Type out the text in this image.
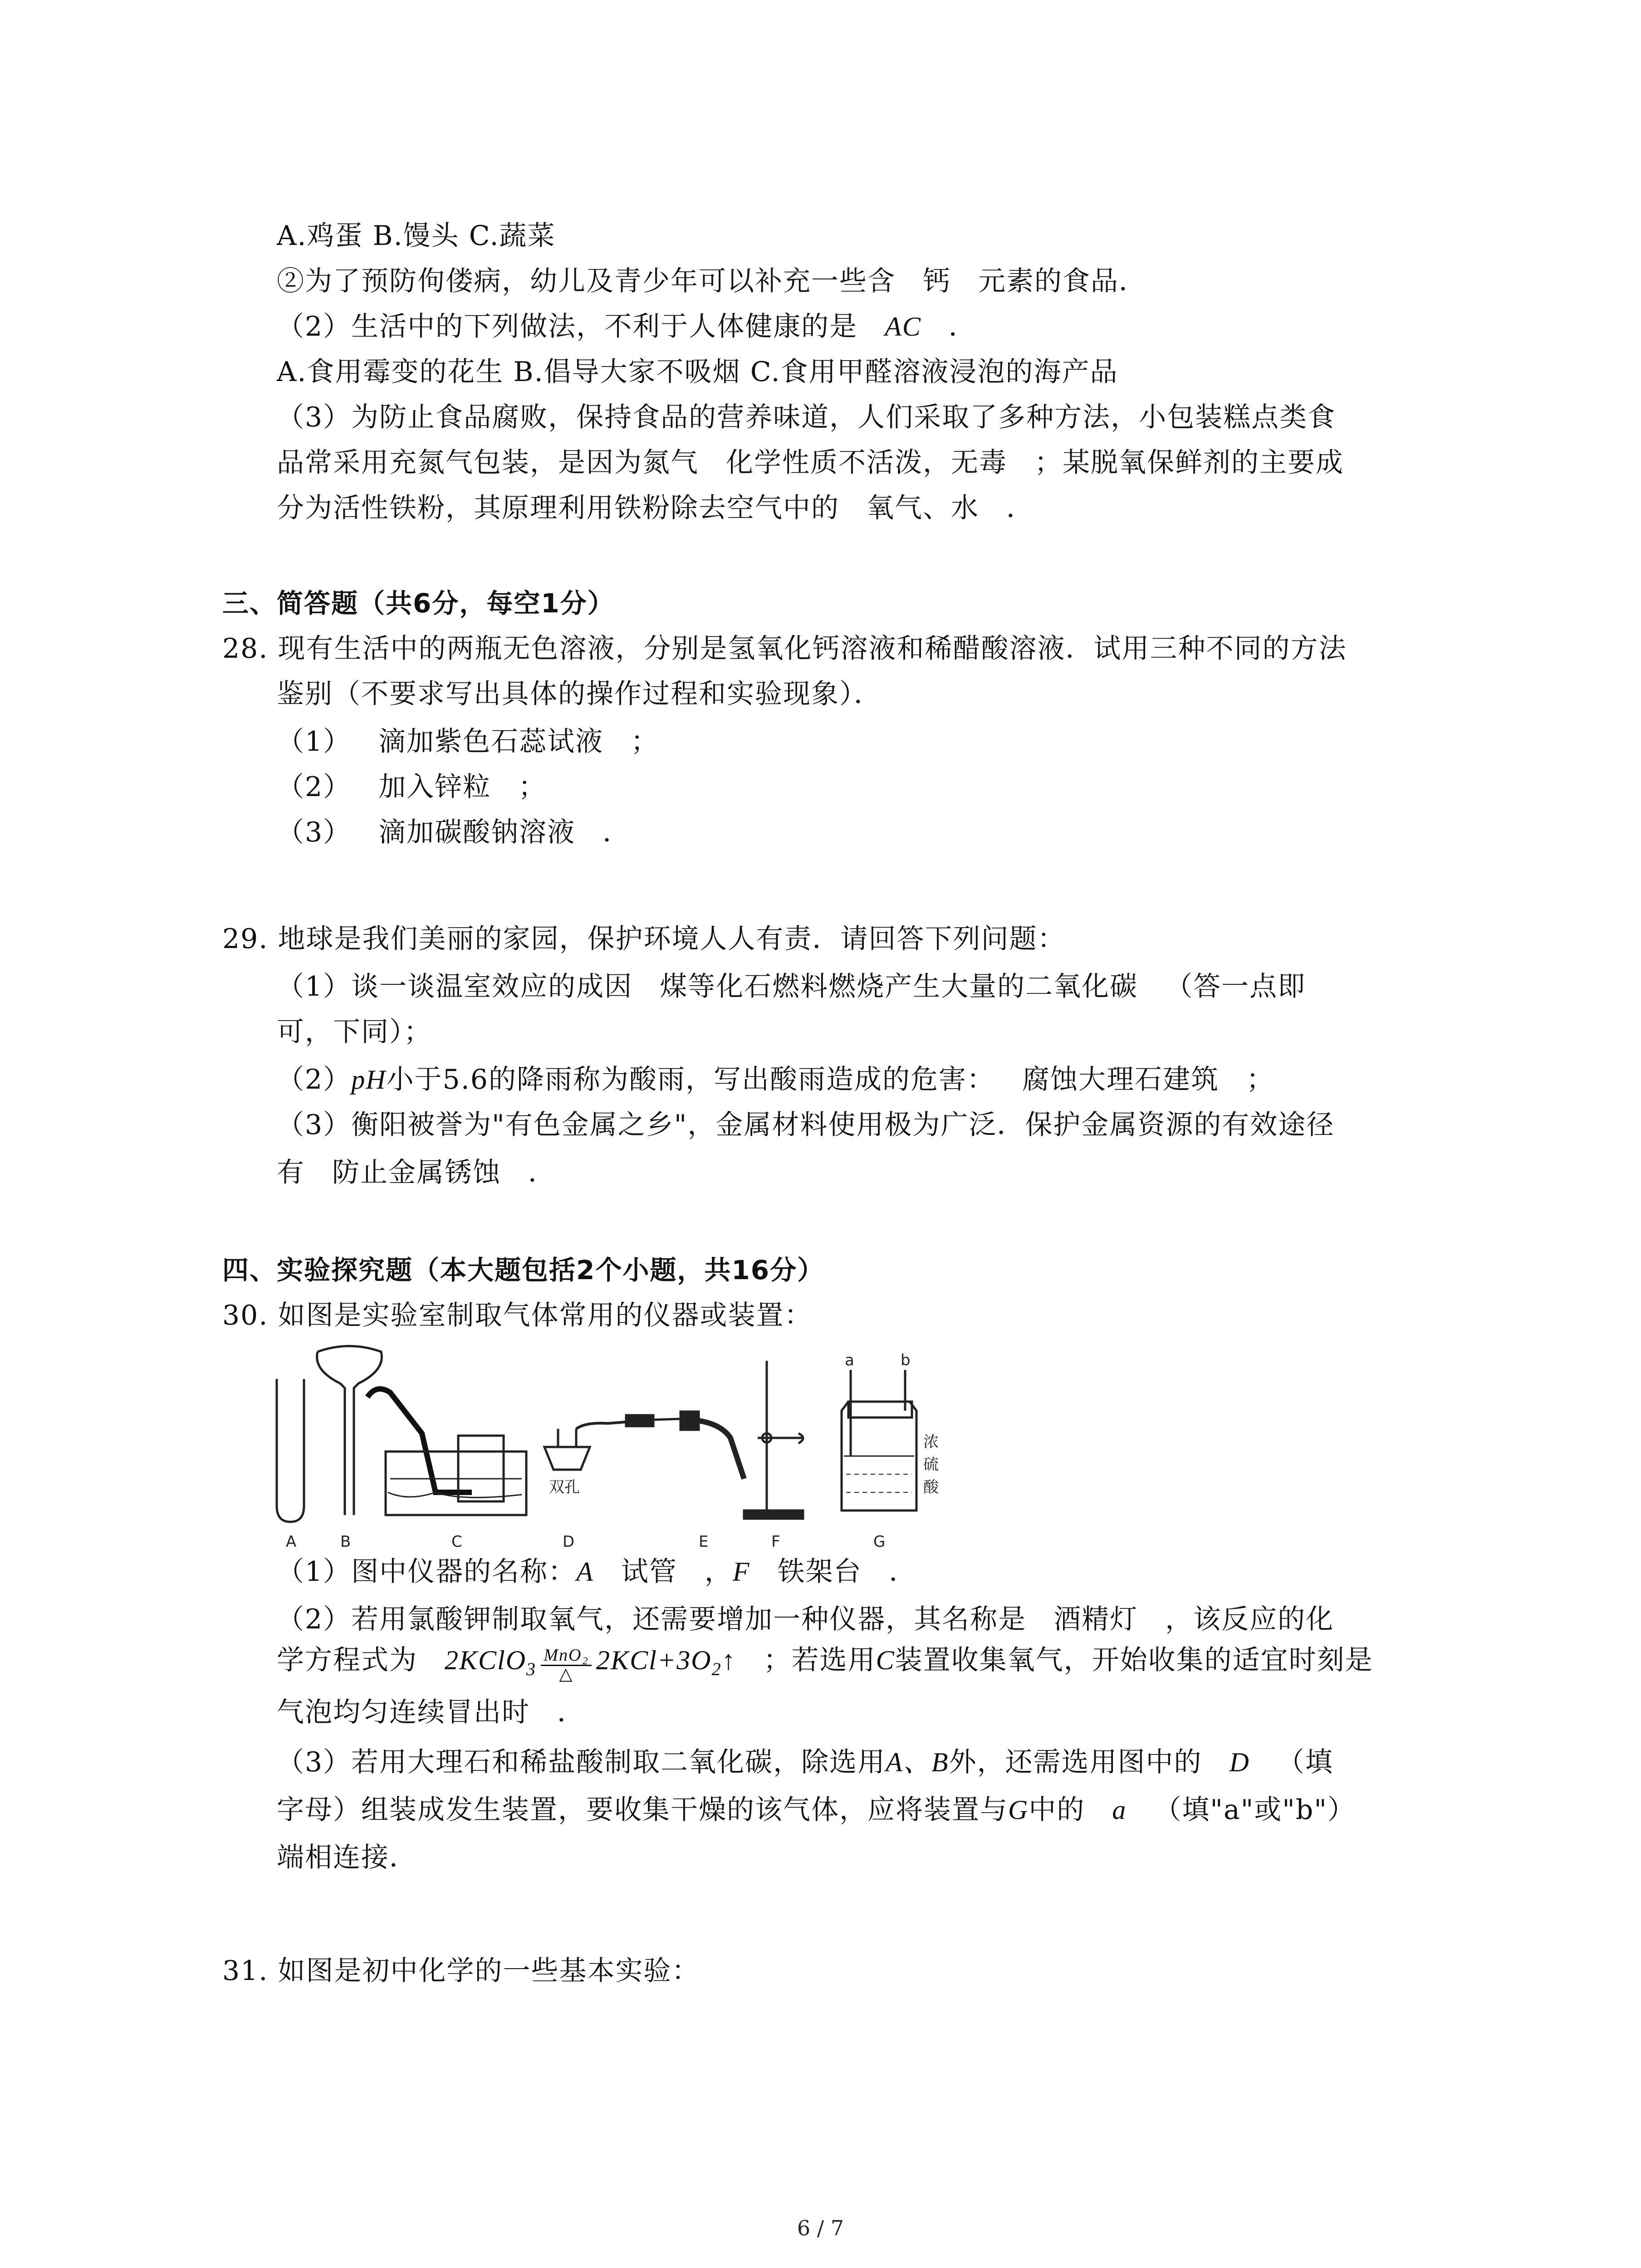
A.鸡蛋 B.馒头 C.蔬菜
②为了预防佝偻病，幼儿及青少年可以补充一些含 钙 元素的食品．
（2）生活中的下列做法，不利于人体健康的是 AC ．
A.食用霉变的花生 B.倡导大家不吸烟 C.食用甲醛溶液浸泡的海产品
（3）为防止食品腐败，保持食品的营养味道，人们采取了多种方法，小包装糕点类食
品常采用充氮气包装，是因为氮气 化学性质不活泼，无毒 ；某脱氧保鲜剂的主要成
分为活性铁粉，其原理利用铁粉除去空气中的 氧气、水 ．
三、简答题（共6分，每空1分）
28. 现有生活中的两瓶无色溶液，分别是氢氧化钙溶液和稀醋酸溶液．试用三种不同的方法
鉴别（不要求写出具体的操作过程和实验现象）．
（1） 滴加紫色石蕊试液 ；
（2） 加入锌粒 ；
（3） 滴加碳酸钠溶液 ．
29. 地球是我们美丽的家园，保护环境人人有责．请回答下列问题：
（1）谈一谈温室效应的成因 煤等化石燃料燃烧产生大量的二氧化碳 （答一点即
可，下同）；
（2）pH小于5.6的降雨称为酸雨，写出酸雨造成的危害： 腐蚀大理石建筑 ；
（3）衡阳被誉为"有色金属之乡"，金属材料使用极为广泛．保护金属资源的有效途径
有 防止金属锈蚀 ．
四、实验探究题（本大题包括2个小题，共16分）
30. 如图是实验室制取气体常用的仪器或装置：
A	B	C	D
双孔
E	F	G
a	b
浓
硫
酸
（1）图中仪器的名称：A 试管 ，F 铁架台 ．
（2）若用氯酸钾制取氧气，还需要增加一种仪器，其名称是 酒精灯 ，该反应的化
学方程式为 2KClO$_3$
MnO₂
△ $2KCl+3O_2↑$ ；若选用C装置收集氧气，开始收集的适宜时刻是
气泡均匀连续冒出时 ．
（3）若用大理石和稀盐酸制取二氧化碳，除选用A、B外，还需选用图中的 D （填
字母）组装成发生装置，要收集干燥的该气体，应将装置与G中的 a （填"a"或"b"）
端相连接．
31. 如图是初中化学的一些基本实验：
6 / 7
